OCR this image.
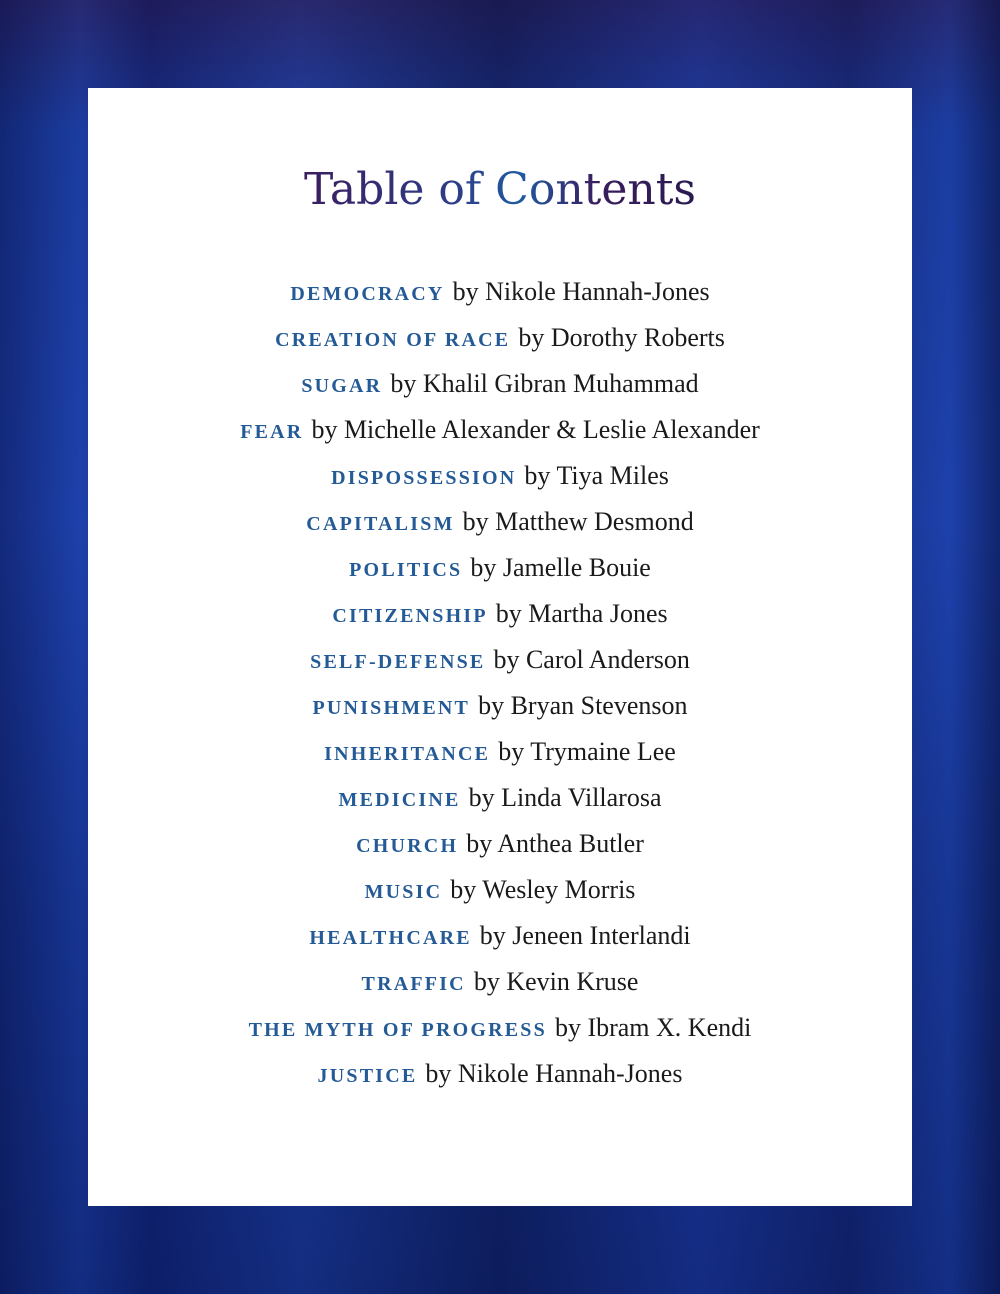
Table of Contents
DEMOCRACY by Nikole Hannah-Jones
CREATION OF RACE by Dorothy Roberts
SUGAR by Khalil Gibran Muhammad
FEAR by Michelle Alexander & Leslie Alexander
DISPOSSESSION by Tiya Miles
CAPITALISM by Matthew Desmond
POLITICS by Jamelle Bouie
CITIZENSHIP by Martha Jones
SELF-DEFENSE by Carol Anderson
PUNISHMENT by Bryan Stevenson
INHERITANCE by Trymaine Lee
MEDICINE by Linda Villarosa
CHURCH by Anthea Butler
MUSIC by Wesley Morris
HEALTHCARE by Jeneen Interlandi
TRAFFIC by Kevin Kruse
THE MYTH OF PROGRESS by Ibram X. Kendi
JUSTICE by Nikole Hannah-Jones
